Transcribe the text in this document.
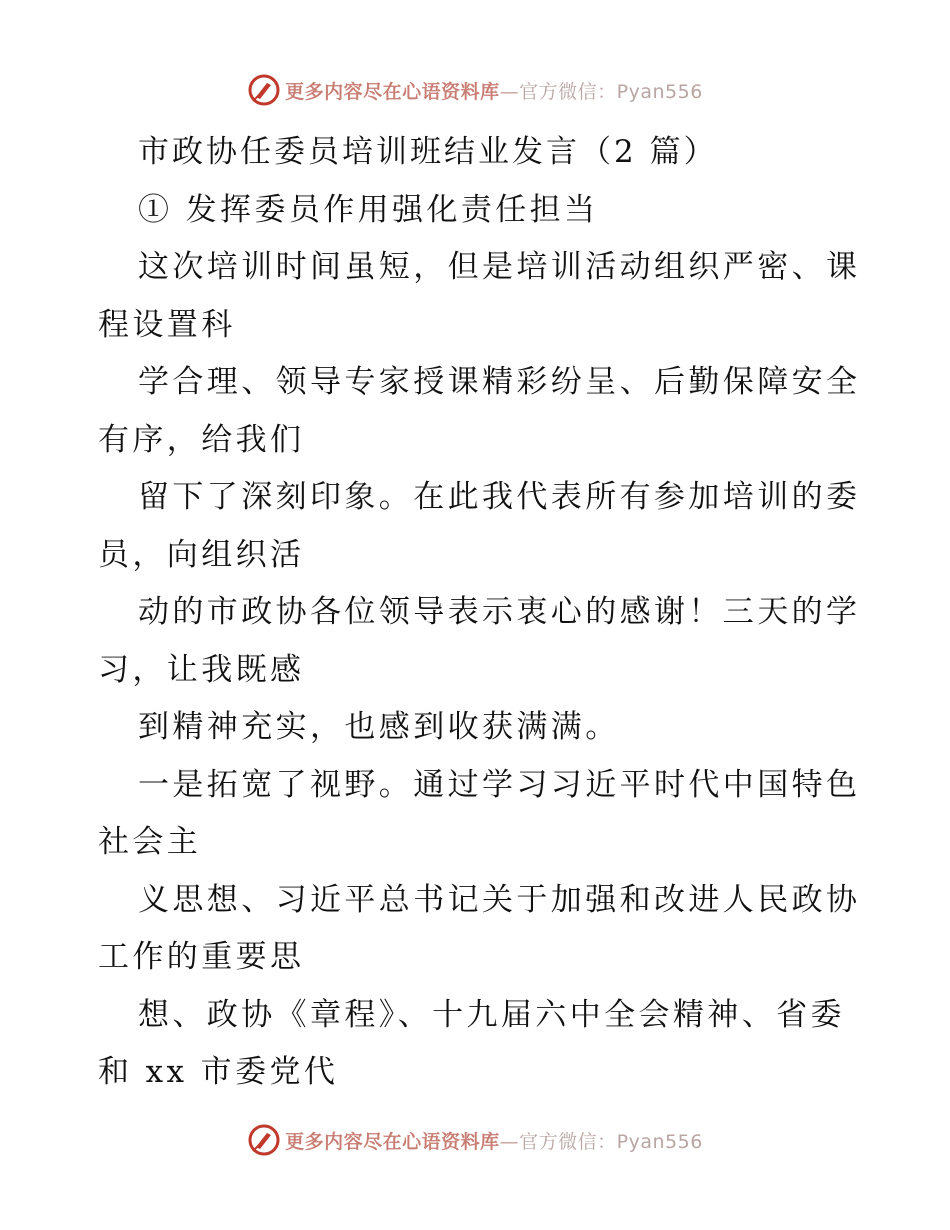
更多内容尽在心语资料库—官方微信：Pyan556
市政协任委员培训班结业发言（2 篇）
① 发挥委员作用强化责任担当
这次培训时间虽短，但是培训活动组织严密、课
程设置科
学合理、领导专家授课精彩纷呈、后勤保障安全
有序，给我们
留下了深刻印象。在此我代表所有参加培训的委
员，向组织活
动的市政协各位领导表示衷心的感谢！三天的学
习，让我既感
到精神充实，也感到收获满满。
一是拓宽了视野。通过学习习近平时代中国特色
社会主
义思想、习近平总书记关于加强和改进人民政协
工作的重要思
想、政协《章程》、十九届六中全会精神、省委
和 xx 市委党代
更多内容尽在心语资料库—官方微信：Pyan556
